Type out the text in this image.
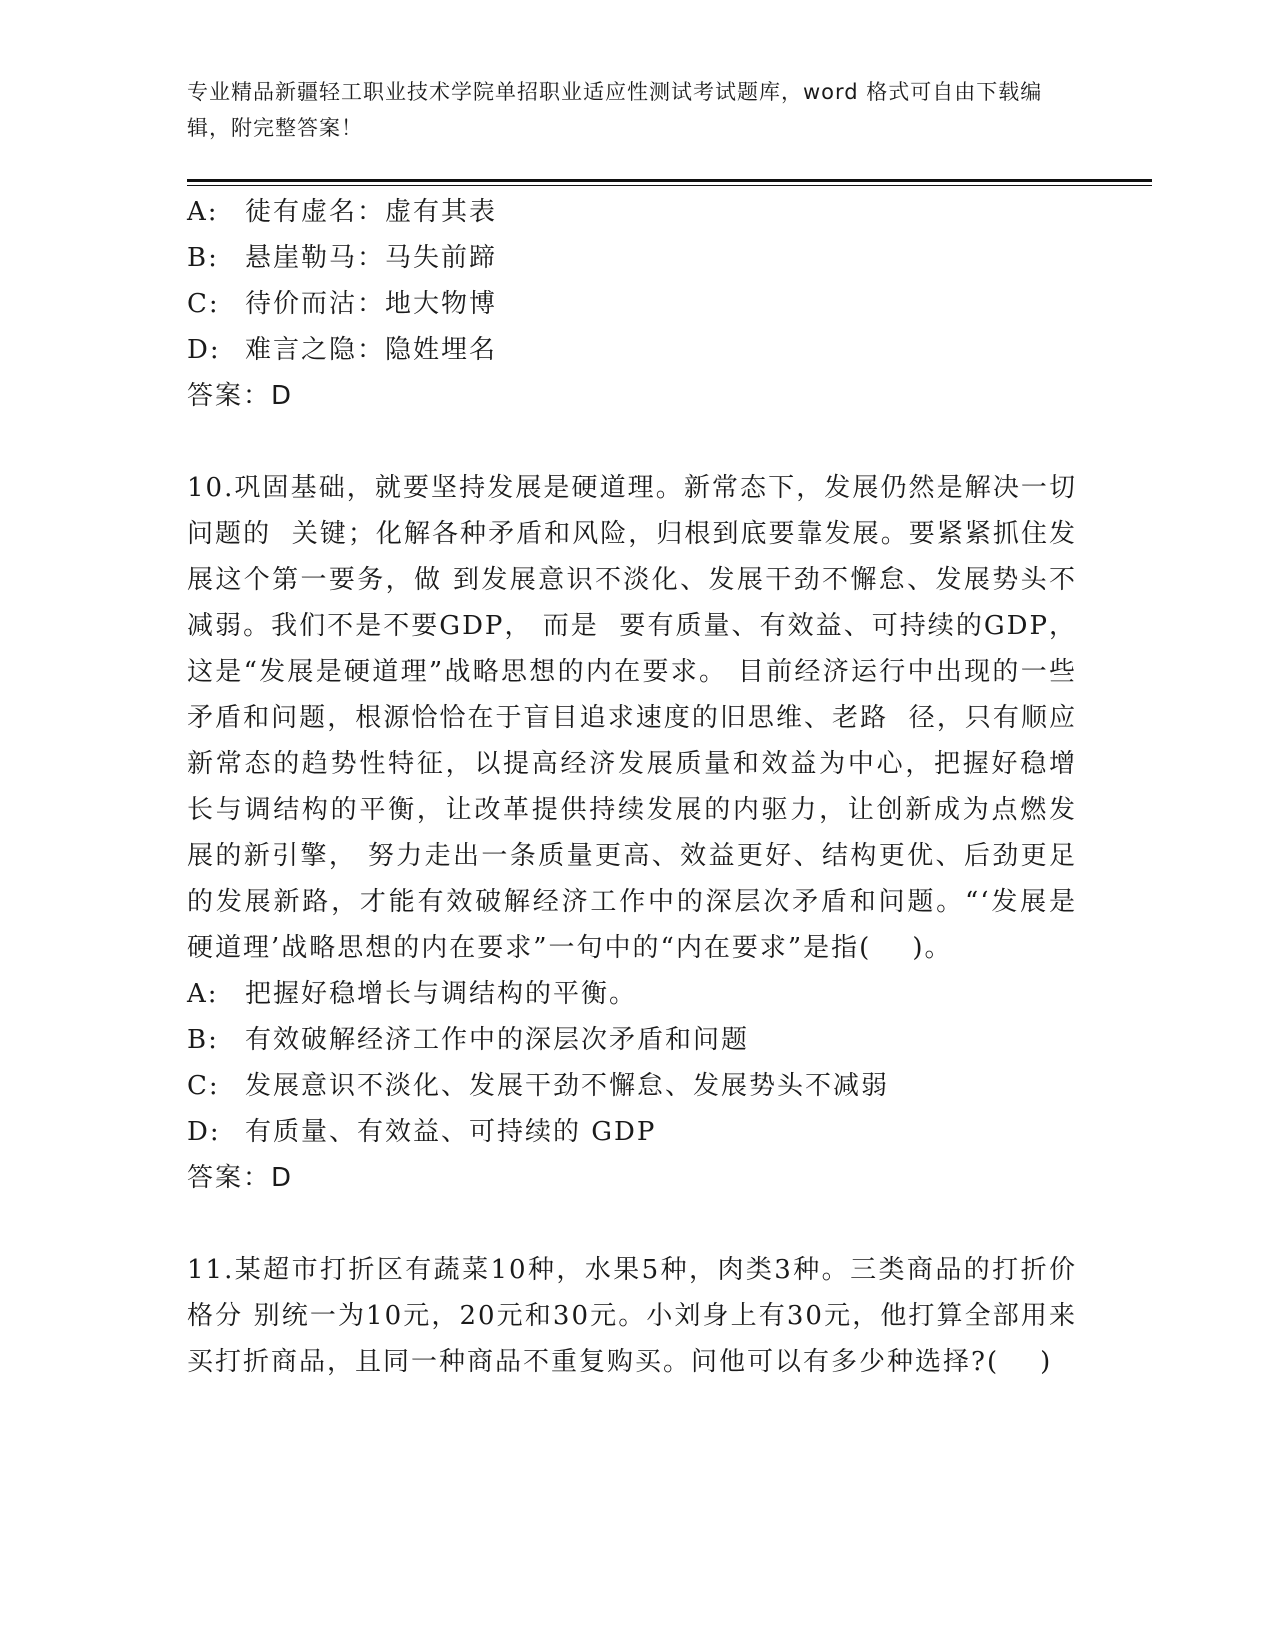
专业精品新疆轻工职业技术学院单招职业适应性测试考试题库，word 格式可自由下载编辑，附完整答案！
A:	徒有虚名：虚有其表
B:	悬崖勒马：马失前蹄
C: 待价而沽：地大物博
D: 难言之隐：隐姓埋名
答案：D
10.巩固基础，就要坚持发展是硬道理。新常态下，发展仍然是解决一切问题的  关键；化解各种矛盾和风险，归根到底要靠发展。要紧紧抓住发展这个第一要务，做 到发展意识不淡化、发展干劲不懈怠、发展势头不减弱。我们不是不要GDP， 而是  要有质量、有效益、可持续的GDP，  这是“发展是硬道理”战略思想的内在要求。 目前经济运行中出现的一些矛盾和问题，根源恰恰在于盲目追求速度的旧思维、老路  径，只有顺应新常态的趋势性特征，以提高经济发展质量和效益为中心，把握好稳增 长与调结构的平衡，让改革提供持续发展的内驱力，让创新成为点燃发展的新引擎， 努力走出一条质量更高、效益更好、结构更优、后劲更足的发展新路，才能有效破解经济工作中的深层次矛盾和问题。“‘发展是硬道理’战略思想的内在要求”一句中的“内在要求”是指(    )。
A:	把握好稳增长与调结构的平衡。
B:	有效破解经济工作中的深层次矛盾和问题
C: 发展意识不淡化、发展干劲不懈怠、发展势头不减弱
D: 有质量、有效益、可持续的 GDP
答案：D
11.某超市打折区有蔬菜10种，水果5种，肉类3种。三类商品的打折价格分 别统一为10元，20元和30元。小刘身上有30元，他打算全部用来买打折商品，且同一种商品不重复购买。问他可以有多少种选择?(    )
